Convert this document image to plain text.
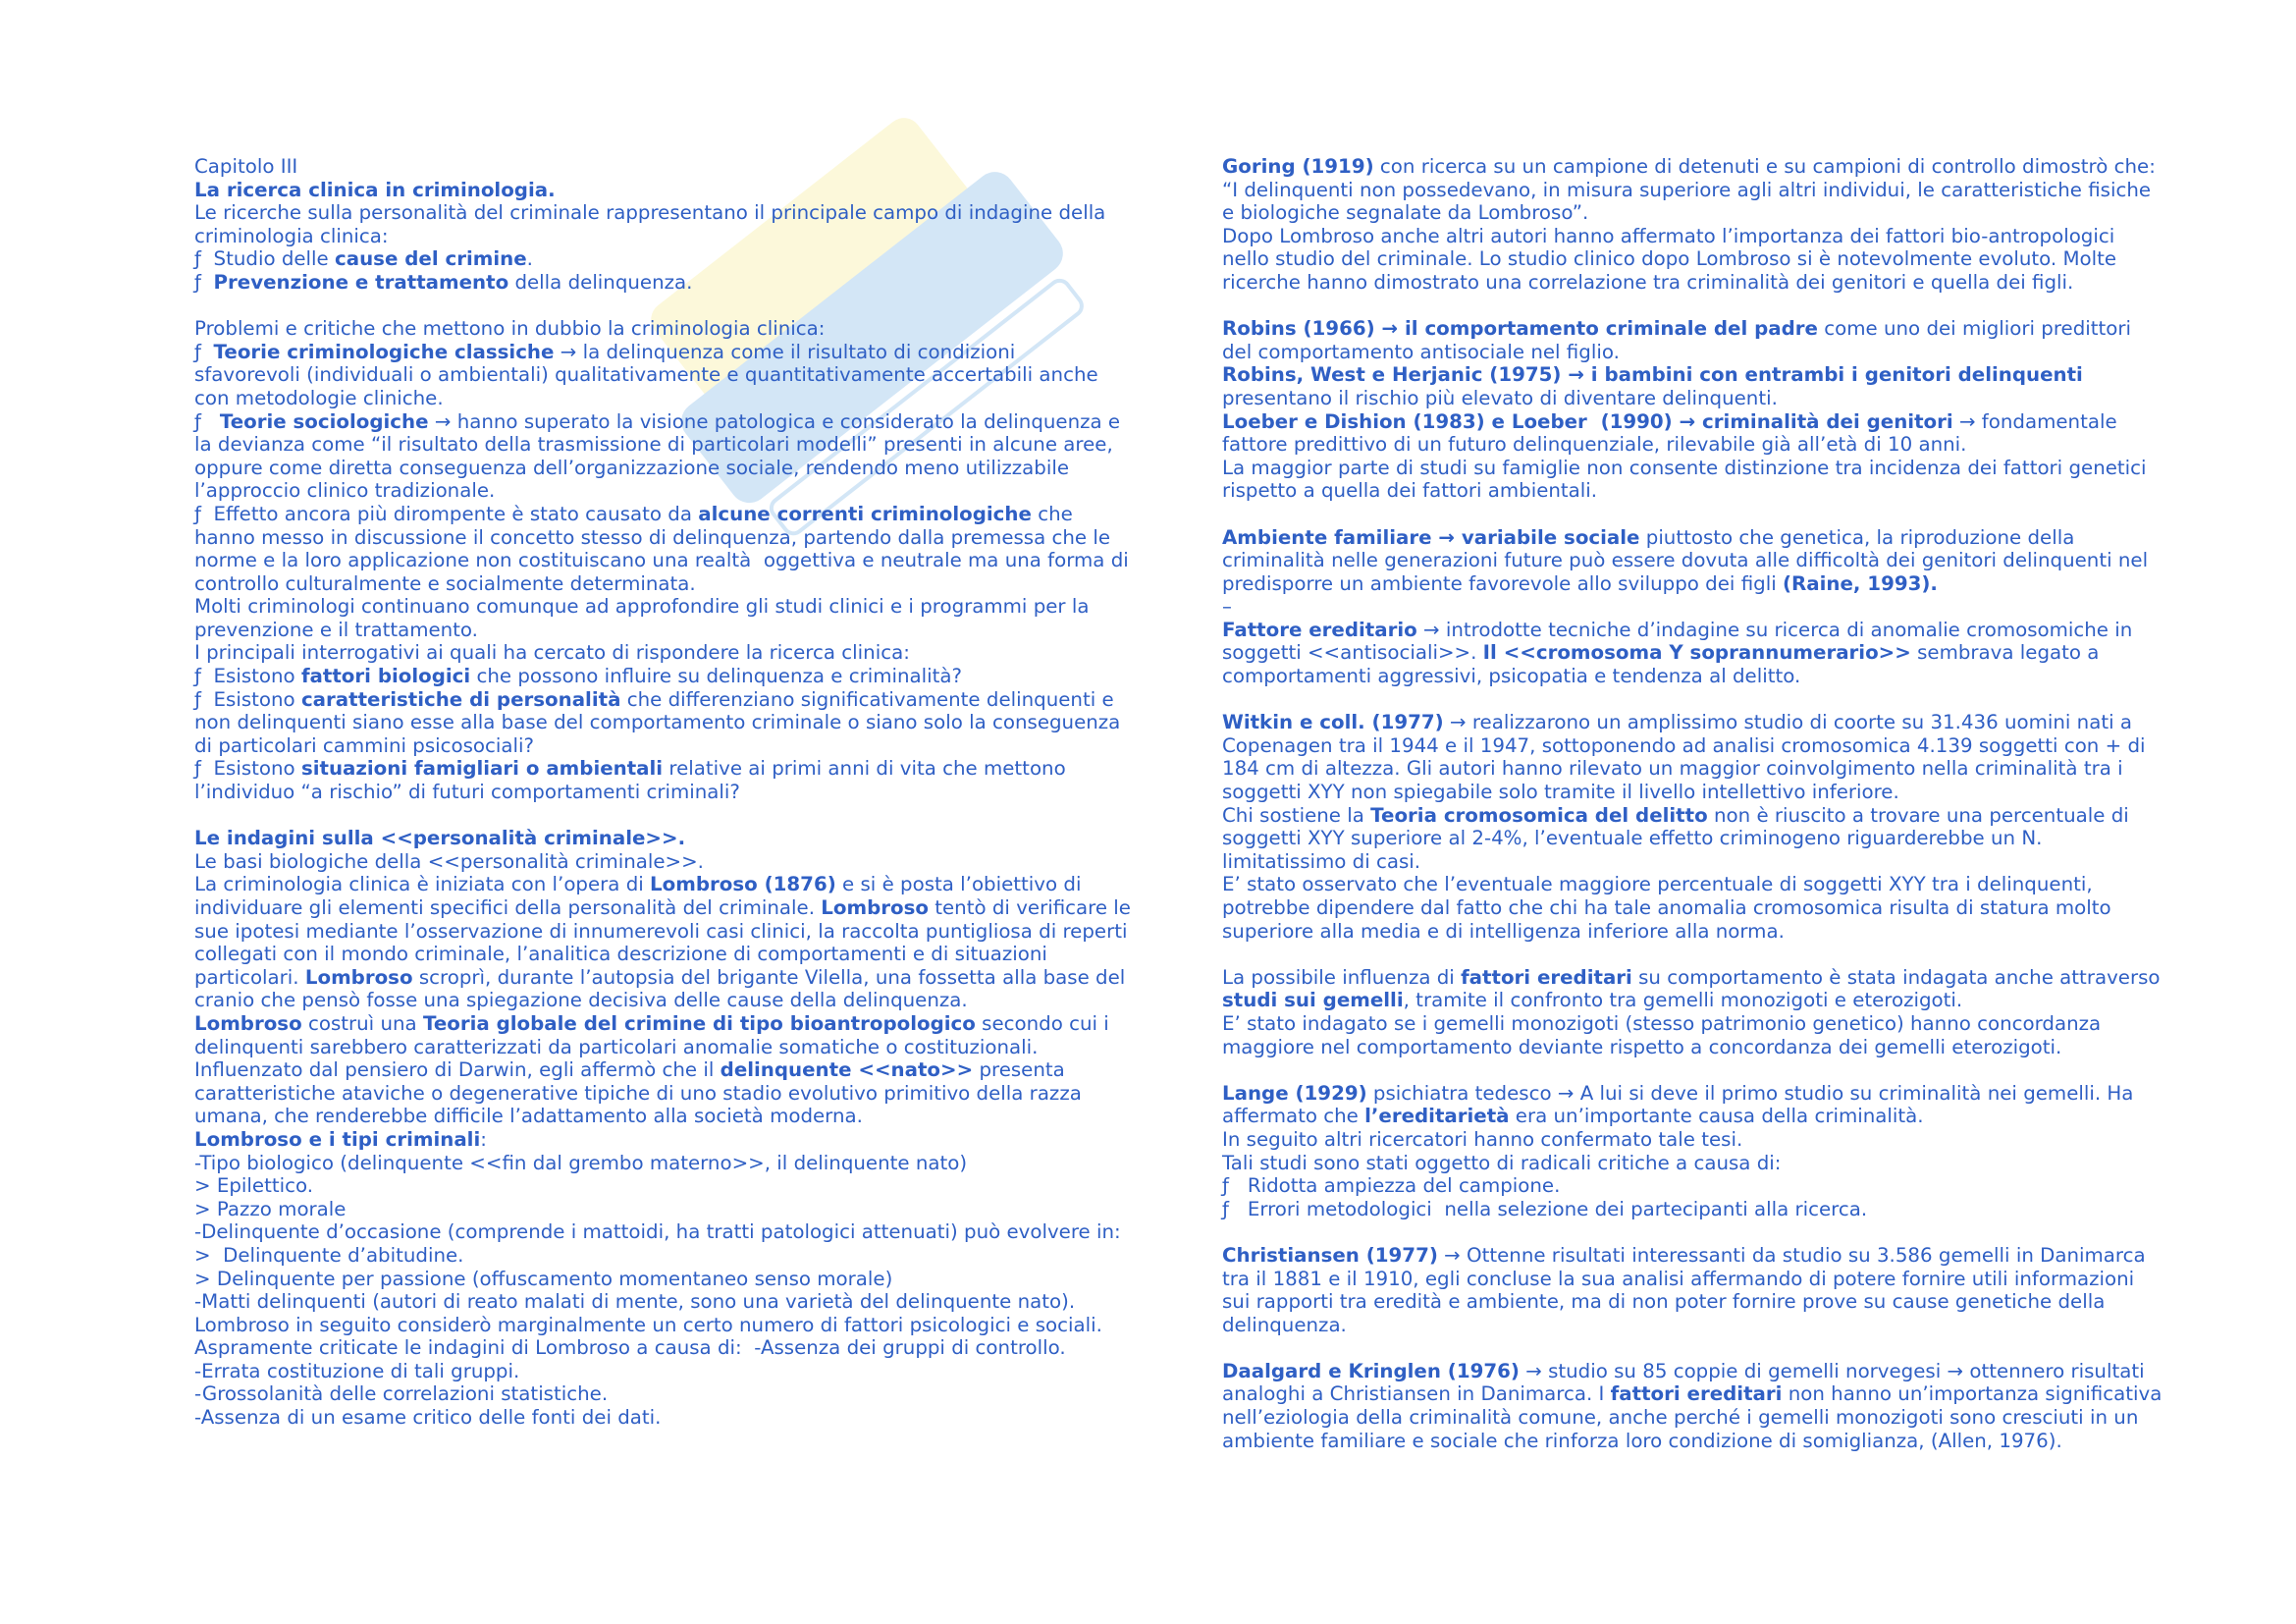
Capitolo III
La ricerca clinica in criminologia.
Le ricerche sulla personalità del criminale rappresentano il principale campo di indagine della
criminologia clinica:
ƒ  Studio delle cause del crimine.
ƒ  Prevenzione e trattamento della delinquenza.
Problemi e critiche che mettono in dubbio la criminologia clinica:
ƒ  Teorie criminologiche classiche → la delinquenza come il risultato di condizioni
sfavorevoli (individuali o ambientali) qualitativamente e quantitativamente accertabili anche
con metodologie cliniche.
ƒ   Teorie sociologiche → hanno superato la visione patologica e considerato la delinquenza e
la devianza come “il risultato della trasmissione di particolari modelli” presenti in alcune aree,
oppure come diretta conseguenza dell’organizzazione sociale, rendendo meno utilizzabile
l’approccio clinico tradizionale.
ƒ  Effetto ancora più dirompente è stato causato da alcune correnti criminologiche che
hanno messo in discussione il concetto stesso di delinquenza, partendo dalla premessa che le
norme e la loro applicazione non costituiscano una realtà  oggettiva e neutrale ma una forma di
controllo culturalmente e socialmente determinata.
Molti criminologi continuano comunque ad approfondire gli studi clinici e i programmi per la
prevenzione e il trattamento.
I principali interrogativi ai quali ha cercato di rispondere la ricerca clinica:
ƒ  Esistono fattori biologici che possono influire su delinquenza e criminalità?
ƒ  Esistono caratteristiche di personalità che differenziano significativamente delinquenti e
non delinquenti siano esse alla base del comportamento criminale o siano solo la conseguenza
di particolari cammini psicosociali?
ƒ  Esistono situazioni famigliari o ambientali relative ai primi anni di vita che mettono
l’individuo “a rischio” di futuri comportamenti criminali?
Le indagini sulla <<personalità criminale>>.
Le basi biologiche della <<personalità criminale>>.
La criminologia clinica è iniziata con l’opera di Lombroso (1876) e si è posta l’obiettivo di
individuare gli elementi specifici della personalità del criminale. Lombroso tentò di verificare le
sue ipotesi mediante l’osservazione di innumerevoli casi clinici, la raccolta puntigliosa di reperti
collegati con il mondo criminale, l’analitica descrizione di comportamenti e di situazioni
particolari. Lombroso scroprì, durante l’autopsia del brigante Vilella, una fossetta alla base del
cranio che pensò fosse una spiegazione decisiva delle cause della delinquenza.
Lombroso costruì una Teoria globale del crimine di tipo bioantropologico secondo cui i
delinquenti sarebbero caratterizzati da particolari anomalie somatiche o costituzionali.
Influenzato dal pensiero di Darwin, egli affermò che il delinquente <<nato>> presenta
caratteristiche ataviche o degenerative tipiche di uno stadio evolutivo primitivo della razza
umana, che renderebbe difficile l’adattamento alla società moderna.
Lombroso e i tipi criminali:
-Tipo biologico (delinquente <<fin dal grembo materno>>, il delinquente nato)
> Epilettico.
> Pazzo morale
-Delinquente d’occasione (comprende i mattoidi, ha tratti patologici attenuati) può evolvere in:
>  Delinquente d’abitudine.
> Delinquente per passione (offuscamento momentaneo senso morale)
-Matti delinquenti (autori di reato malati di mente, sono una varietà del delinquente nato).
Lombroso in seguito considerò marginalmente un certo numero di fattori psicologici e sociali.
Aspramente criticate le indagini di Lombroso a causa di:  -Assenza dei gruppi di controllo.
-Errata costituzione di tali gruppi.
-Grossolanità delle correlazioni statistiche.
-Assenza di un esame critico delle fonti dei dati.
Goring (1919) con ricerca su un campione di detenuti e su campioni di controllo dimostrò che:
“I delinquenti non possedevano, in misura superiore agli altri individui, le caratteristiche fisiche
e biologiche segnalate da Lombroso”.
Dopo Lombroso anche altri autori hanno affermato l’importanza dei fattori bio-antropologici
nello studio del criminale. Lo studio clinico dopo Lombroso si è notevolmente evoluto. Molte
ricerche hanno dimostrato una correlazione tra criminalità dei genitori e quella dei figli.
Robins (1966) → il comportamento criminale del padre come uno dei migliori predittori
del comportamento antisociale nel figlio.
Robins, West e Herjanic (1975) → i bambini con entrambi i genitori delinquenti
presentano il rischio più elevato di diventare delinquenti.
Loeber e Dishion (1983) e Loeber  (1990) → criminalità dei genitori → fondamentale
fattore predittivo di un futuro delinquenziale, rilevabile già all’età di 10 anni.
La maggior parte di studi su famiglie non consente distinzione tra incidenza dei fattori genetici
rispetto a quella dei fattori ambientali.
Ambiente familiare → variabile sociale piuttosto che genetica, la riproduzione della
criminalità nelle generazioni future può essere dovuta alle difficoltà dei genitori delinquenti nel
predisporre un ambiente favorevole allo sviluppo dei figli (Raine, 1993).
–
Fattore ereditario → introdotte tecniche d’indagine su ricerca di anomalie cromosomiche in
soggetti <<antisociali>>. Il <<cromosoma Y soprannumerario>> sembrava legato a
comportamenti aggressivi, psicopatia e tendenza al delitto.
Witkin e coll. (1977) → realizzarono un amplissimo studio di coorte su 31.436 uomini nati a
Copenagen tra il 1944 e il 1947, sottoponendo ad analisi cromosomica 4.139 soggetti con + di
184 cm di altezza. Gli autori hanno rilevato un maggior coinvolgimento nella criminalità tra i
soggetti XYY non spiegabile solo tramite il livello intellettivo inferiore.
Chi sostiene la Teoria cromosomica del delitto non è riuscito a trovare una percentuale di
soggetti XYY superiore al 2-4%, l’eventuale effetto criminogeno riguarderebbe un N.
limitatissimo di casi.
E’ stato osservato che l’eventuale maggiore percentuale di soggetti XYY tra i delinquenti,
potrebbe dipendere dal fatto che chi ha tale anomalia cromosomica risulta di statura molto
superiore alla media e di intelligenza inferiore alla norma.
La possibile influenza di fattori ereditari su comportamento è stata indagata anche attraverso
studi sui gemelli, tramite il confronto tra gemelli monozigoti e eterozigoti.
E’ stato indagato se i gemelli monozigoti (stesso patrimonio genetico) hanno concordanza
maggiore nel comportamento deviante rispetto a concordanza dei gemelli eterozigoti.
Lange (1929) psichiatra tedesco → A lui si deve il primo studio su criminalità nei gemelli. Ha
affermato che l’ereditarietà era un’importante causa della criminalità.
In seguito altri ricercatori hanno confermato tale tesi.
Tali studi sono stati oggetto di radicali critiche a causa di:
ƒ   Ridotta ampiezza del campione.
ƒ   Errori metodologici  nella selezione dei partecipanti alla ricerca.
Christiansen (1977) → Ottenne risultati interessanti da studio su 3.586 gemelli in Danimarca
tra il 1881 e il 1910, egli concluse la sua analisi affermando di potere fornire utili informazioni
sui rapporti tra eredità e ambiente, ma di non poter fornire prove su cause genetiche della
delinquenza.
Daalgard e Kringlen (1976) → studio su 85 coppie di gemelli norvegesi → ottennero risultati
analoghi a Christiansen in Danimarca. I fattori ereditari non hanno un’importanza significativa
nell’eziologia della criminalità comune, anche perché i gemelli monozigoti sono cresciuti in un
ambiente familiare e sociale che rinforza loro condizione di somiglianza, (Allen, 1976).
